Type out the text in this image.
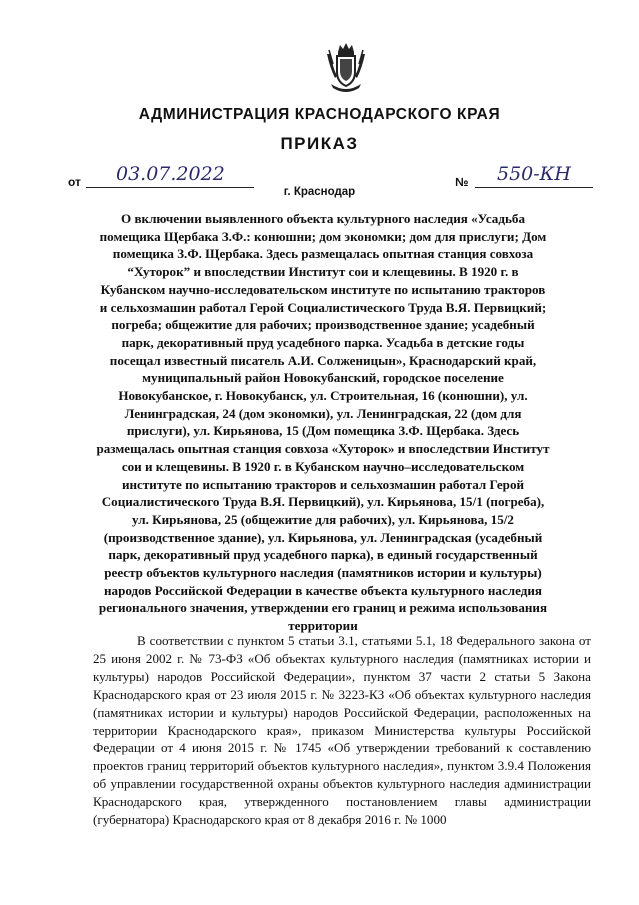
АДМИНИСТРАЦИЯ КРАСНОДАРСКОГО КРАЯ
ПРИКАЗ
от	03.07.2022	№	550-КН
г. Краснодар
О включении выявленного объекта культурного наследия «Усадьба помещика Щербака З.Ф.: конюшни; дом экономки; дом для прислуги; Дом помещика З.Ф. Щербака. Здесь размещалась опытная станция совхоза “Хуторок” и впоследствии Институт сои и клещевины. В 1920 г. в Кубанском научно-исследовательском институте по испытанию тракторов и сельхозмашин работал Герой Социалистического Труда В.Я. Первицкий; погреба; общежитие для рабочих; производственное здание; усадебный парк, декоративный пруд усадебного парка. Усадьба в детские годы посещал известный писатель А.И. Солженицын», Краснодарский край, муниципальный район Новокубанский, городское поселение Новокубанское, г. Новокубанск, ул. Строительная, 16 (конюшни), ул. Ленинградская, 24 (дом экономки), ул. Ленинградская, 22 (дом для прислуги), ул. Кирьянова, 15 (Дом помещика З.Ф. Щербака. Здесь размещалась опытная станция совхоза «Хуторок» и впоследствии Институт сои и клещевины. В 1920 г. в Кубанском научно–исследовательском институте по испытанию тракторов и сельхозмашин работал Герой Социалистического Труда В.Я. Первицкий), ул. Кирьянова, 15/1 (погреба), ул. Кирьянова, 25 (общежитие для рабочих), ул. Кирьянова, 15/2 (производственное здание), ул. Кирьянова, ул. Ленинградская (усадебный парк, декоративный пруд усадебного парка), в единый государственный реестр объектов культурного наследия (памятников истории и культуры) народов Российской Федерации в качестве объекта культурного наследия регионального значения, утверждении его границ и режима использования территории
В соответствии с пунктом 5 статьи 3.1, статьями 5.1, 18 Федерального закона от 25 июня 2002 г. № 73-ФЗ «Об объектах культурного наследия (памятниках истории и культуры) народов Российской Федерации», пунктом 37 части 2 статьи 5 Закона Краснодарского края от 23 июля 2015 г. № 3223-КЗ «Об объектах культурного наследия (памятниках истории и культуры) народов Российской Федерации, расположенных на территории Краснодарского края», приказом Министерства культуры Российской Федерации от 4 июня 2015 г. № 1745 «Об утверждении требований к составлению проектов границ территорий объектов культурного наследия», пунктом 3.9.4 Положения об управлении государственной охраны объектов культурного наследия администрации Краснодарского края, утвержденного постановлением главы администрации (губернатора) Краснодарского края от 8 декабря 2016 г. № 1000
